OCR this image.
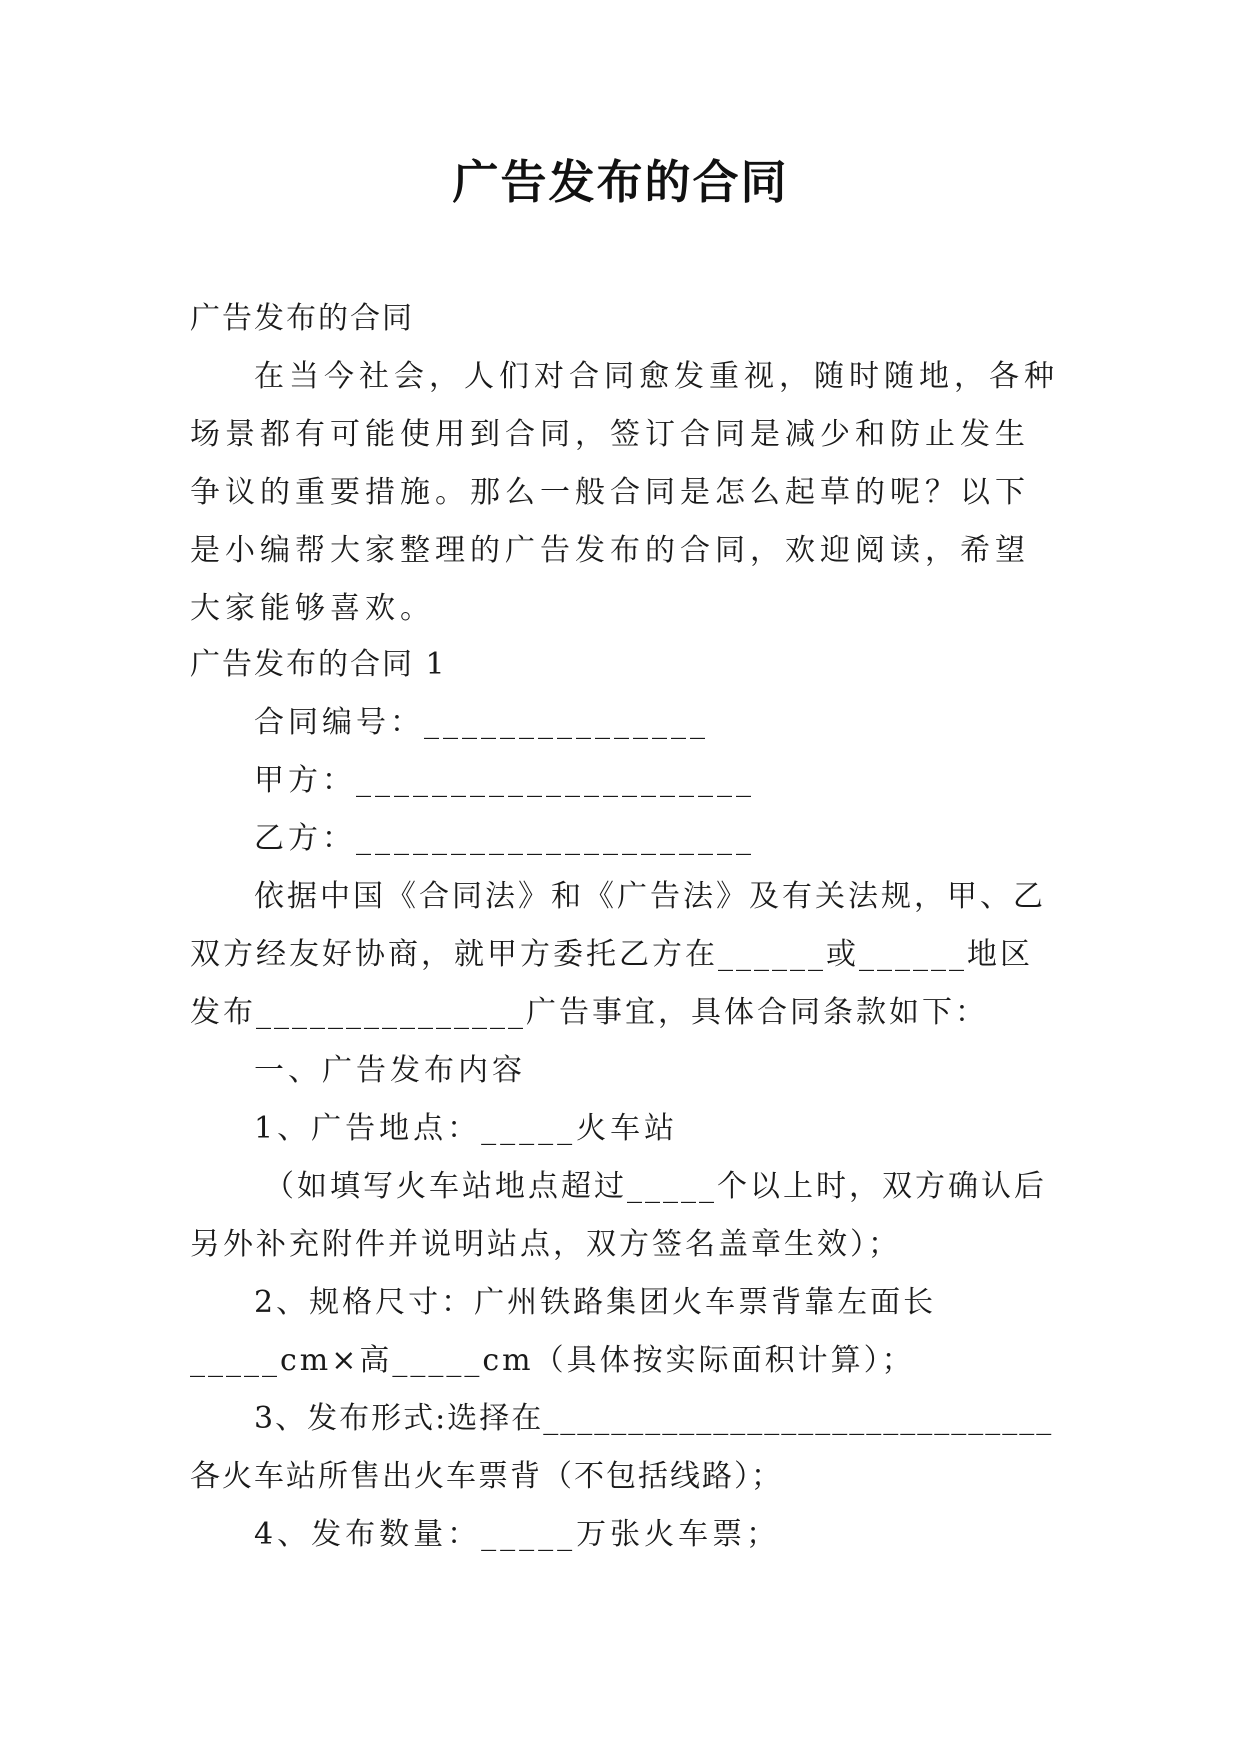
广告发布的合同
广告发布的合同
在当今社会，人们对合同愈发重视，随时随地，各种场景都有可能使用到合同，签订合同是减少和防止发生争议的重要措施。那么一般合同是怎么起草的呢？以下是小编帮大家整理的广告发布的合同，欢迎阅读，希望大家能够喜欢。
广告发布的合同 1
合同编号：_______________
甲方：_____________________
乙方：_____________________
依据中国《合同法》和《广告法》及有关法规，甲、乙双方经友好协商，就甲方委托乙方在______或______地区发布_______________广告事宜，具体合同条款如下：
一、广告发布内容
1、广告地点：_____火车站
（如填写火车站地点超过_____个以上时，双方确认后另外补充附件并说明站点，双方签名盖章生效）；
2、规格尺寸：广州铁路集团火车票背靠左面长_____cm×高_____cm（具体按实际面积计算）；
3、发布形式:选择在______________________________各火车站所售出火车票背（不包括线路）；
4、发布数量：_____万张火车票；
